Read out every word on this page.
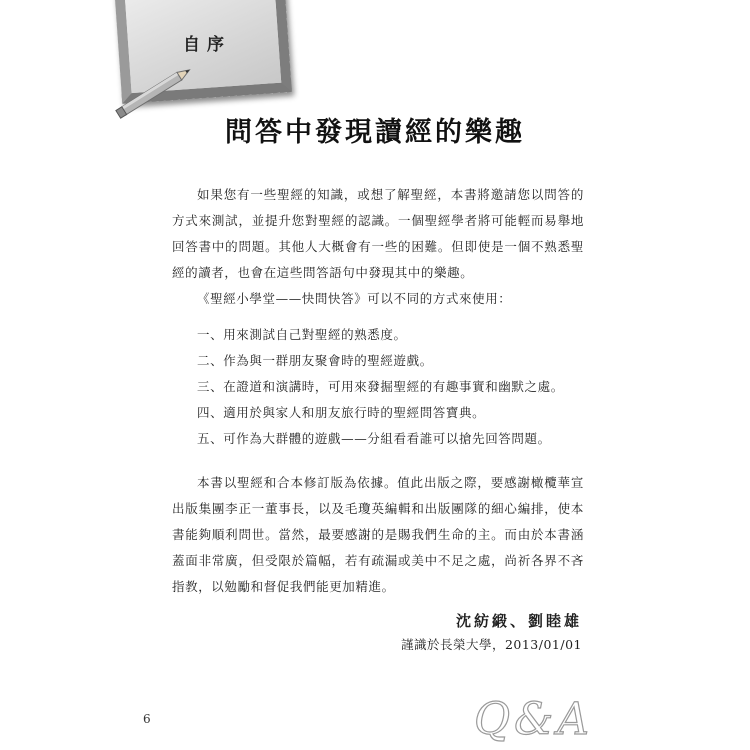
自序
問答中發現讀經的樂趣

如果您有一些聖經的知識，或想了解聖經，本書將邀請您以問答的方式來測試，並提升您對聖經的認識。一個聖經學者將可能輕而易舉地回答書中的問題。其他人大概會有一些的困難。但即使是一個不熟悉聖經的讀者，也會在這些問答語句中發現其中的樂趣。

《聖經小學堂——快問快答》可以不同的方式來使用：

一、用來測試自己對聖經的熟悉度。
二、作為與一群朋友聚會時的聖經遊戲。
三、在證道和演講時，可用來發掘聖經的有趣事實和幽默之處。
四、適用於與家人和朋友旅行時的聖經問答寶典。
五、可作為大群體的遊戲——分組看看誰可以搶先回答問題。

本書以聖經和合本修訂版為依據。值此出版之際，要感謝橄欖華宣出版集團李正一董事長，以及毛瓊英編輯和出版團隊的細心編排，使本書能夠順利問世。當然，最要感謝的是賜我們生命的主。而由於本書涵蓋面非常廣，但受限於篇幅，若有疏漏或美中不足之處，尚祈各界不吝指教，以勉勵和督促我們能更加精進。

沈紡緞、劉睦雄
謹識於長榮大學，2013/01/01
6	Q&A
